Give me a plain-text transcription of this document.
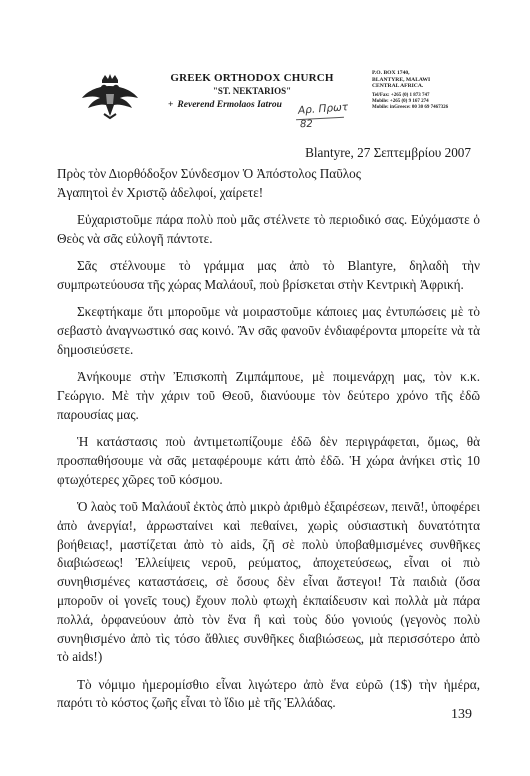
GREEK ORTHODOX CHURCH
"ST. NEKTARIOS"
+ Reverend Ermolaos Iatrou
P.O. BOX 1740,
BLANTYRE, MALAWI
CENTRAL AFRICA.
Tel/Fax: +265 (0) 1 873 747
Mobile: +265 (0) 9 167 274
Mobile: inGreece: 00 30 69 7467326
Αρ. Πρωτ
82
Blantyre, 27 Σεπτεμβρίου 2007

Πρὸς τὸν Διορθόδοξον Σύνδεσμον Ὁ Ἀπόστολος Παῦλος

Ἀγαπητοὶ ἐν Χριστῷ ἀδελφοί, χαίρετε!

Εὐχαριστοῦμε πάρα πολὺ ποὺ μᾶς στέλνετε τὸ περιοδικό σας. Εὐχόμαστε ὁ Θεὸς νὰ σᾶς εὐλογῆ πάντοτε.

Σᾶς στέλνουμε τὸ γράμμα μας ἀπὸ τὸ Blantyre, δηλαδὴ τὴν συμπρωτεύουσα τῆς χώρας Μαλάουΐ, ποὺ βρίσκεται στὴν Κεντρικὴ Ἀφρική.

Σκεφτήκαμε ὅτι μποροῦμε νὰ μοιραστοῦμε κάποιες μας ἐντυπώσεις μὲ τὸ σεβαστὸ ἀναγνωστικό σας κοινό. Ἂν σᾶς φανοῦν ἐνδιαφέροντα μπορείτε νὰ τὰ δημοσιεύσετε.

Ἀνήκουμε στὴν Ἐπισκοπὴ Ζιμπάμπουε, μὲ ποιμενάρχη μας, τὸν κ.κ. Γεώργιο. Μὲ τὴν χάριν τοῦ Θεοῦ, διανύουμε τὸν δεύτερο χρόνο τῆς ἐδῶ παρουσίας μας.

Ἡ κατάστασις ποὺ ἀντιμετωπίζουμε ἐδῶ δὲν περιγράφεται, ὅμως, θὰ προσπαθήσουμε νὰ σᾶς μεταφέρουμε κάτι ἀπὸ ἐδῶ. Ἡ χώρα ἀνήκει στὶς 10 φτωχότερες χῶρες τοῦ κόσμου.

Ὁ λαὸς τοῦ Μαλάουΐ ἐκτὸς ἀπὸ μικρὸ ἀριθμὸ ἐξαιρέσεων, πεινᾶ!, ὑποφέρει ἀπὸ ἀνεργία!, ἀρρωσταίνει καὶ πεθαίνει, χωρὶς οὐσιαστικὴ δυνατότητα βοήθειας!, μαστίζεται ἀπὸ τὸ aids, ζῆ σὲ πολὺ ὑποβαθμισμένες συνθῆκες διαβιώσεως! Ἐλλείψεις νεροῦ, ρεύματος, ἀποχετεύσεως, εἶναι οἱ πιὸ συνηθισμένες καταστάσεις, σὲ ὅσους δὲν εἶναι ἄστεγοι! Τὰ παιδιὰ (ὅσα μποροῦν οἱ γονεῖς τους) ἔχουν πολὺ φτωχὴ ἐκπαίδευσιν καὶ πολλὰ μὰ πάρα πολλά, ὀρφανεύουν ἀπὸ τὸν ἕνα ἢ καὶ τοὺς δύο γονιούς (γεγονὸς πολὺ συνηθισμένο ἀπὸ τὶς τόσο ἄθλιες συνθῆκες διαβιώσεως, μὰ περισσότερο ἀπὸ τὸ aids!)

Τὸ νόμιμο ἡμερομίσθιο εἶναι λιγώτερο ἀπὸ ἕνα εὐρῶ (1$) τὴν ἡμέρα, παρότι τὸ κόστος ζωῆς εἶναι τὸ ἴδιο μὲ τῆς Ἑλλάδας.

139
